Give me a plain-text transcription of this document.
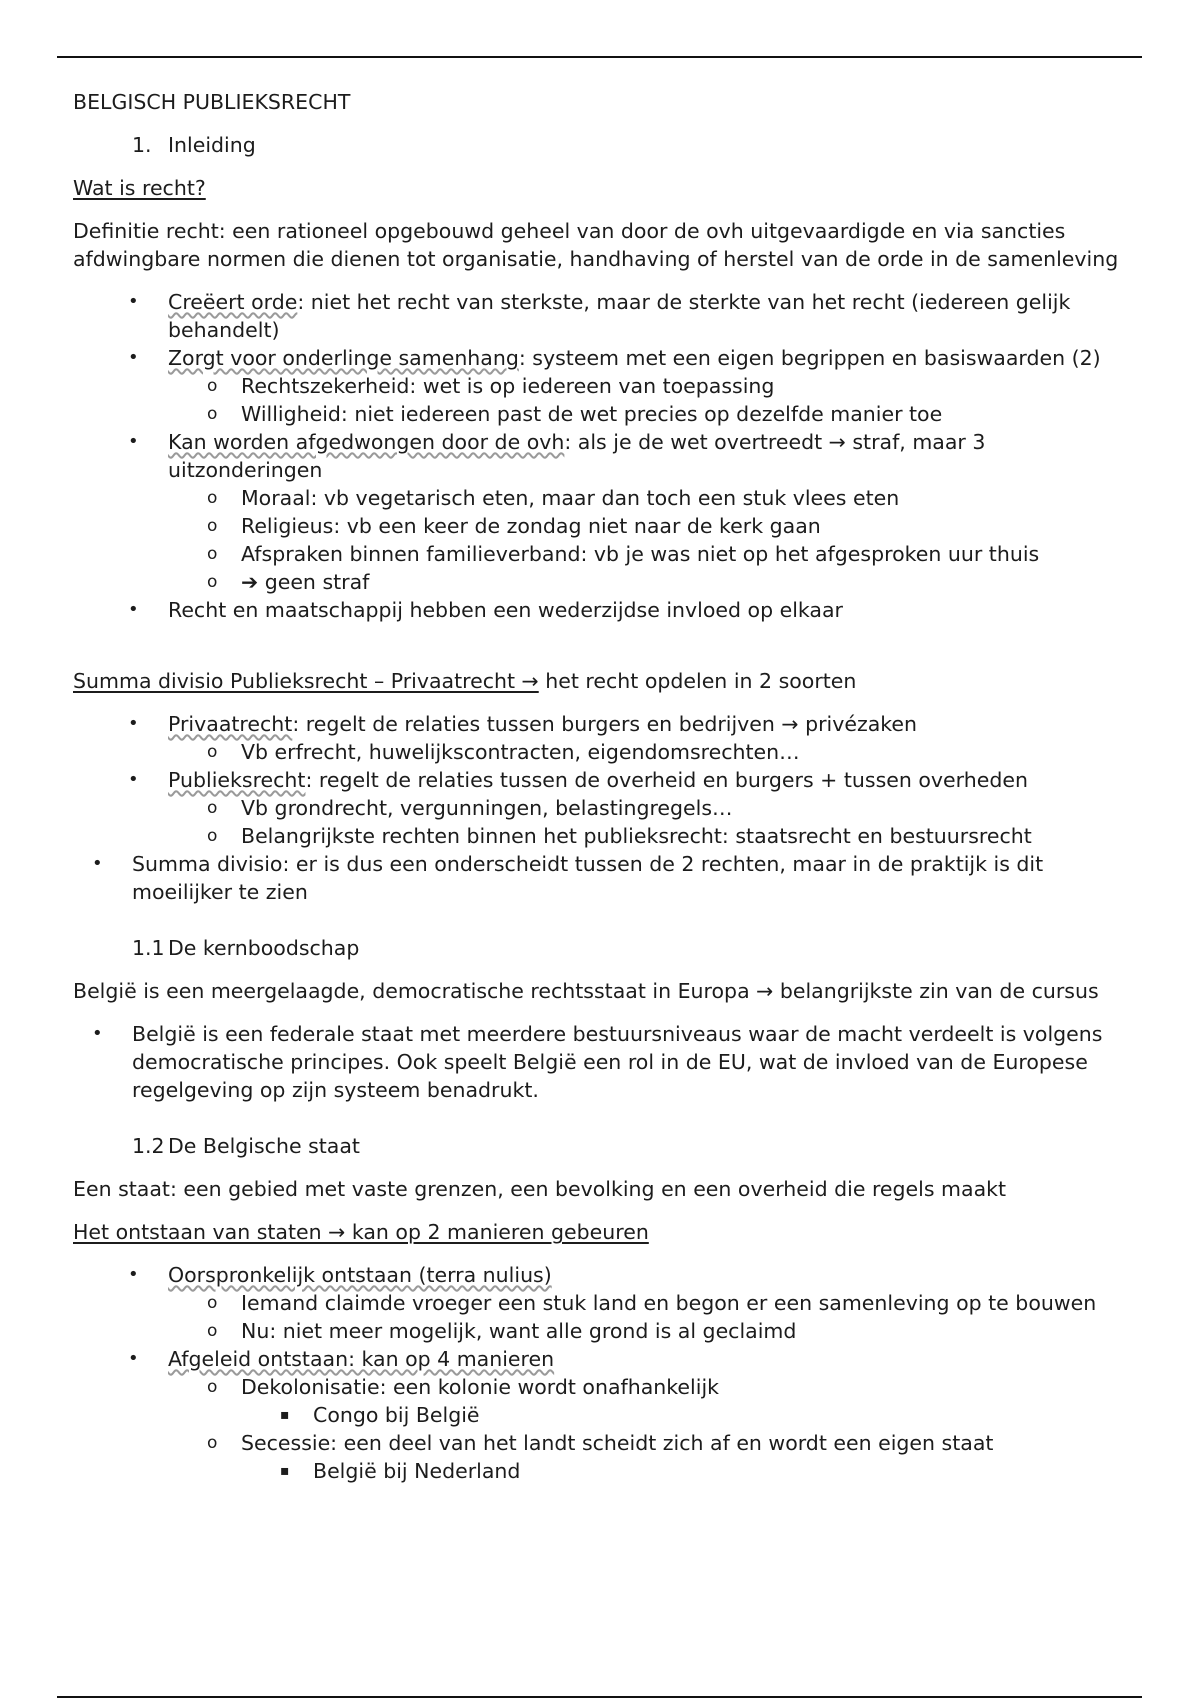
BELGISCH PUBLIEKSRECHT

1. Inleiding

Wat is recht?

Definitie recht: een rationeel opgebouwd geheel van door de ovh uitgevaardigde en via sancties afdwingbare normen die dienen tot organisatie, handhaving of herstel van de orde in de samenleving

• Creëert orde: niet het recht van sterkste, maar de sterkte van het recht (iedereen gelijk behandelt)
• Zorgt voor onderlinge samenhang: systeem met een eigen begrippen en basiswaarden (2)
o Rechtszekerheid: wet is op iedereen van toepassing
o Willigheid: niet iedereen past de wet precies op dezelfde manier toe
• Kan worden afgedwongen door de ovh: als je de wet overtreedt → straf, maar 3 uitzonderingen
o Moraal: vb vegetarisch eten, maar dan toch een stuk vlees eten
o Religieus: vb een keer de zondag niet naar de kerk gaan
o Afspraken binnen familieverband: vb je was niet op het afgesproken uur thuis
o ➔ geen straf
• Recht en maatschappij hebben een wederzijdse invloed op elkaar

Summa divisio Publieksrecht – Privaatrecht → het recht opdelen in 2 soorten

• Privaatrecht: regelt de relaties tussen burgers en bedrijven → privézaken
o Vb erfrecht, huwelijkscontracten, eigendomsrechten…
• Publieksrecht: regelt de relaties tussen de overheid en burgers + tussen overheden
o Vb grondrecht, vergunningen, belastingregels…
o Belangrijkste rechten binnen het publieksrecht: staatsrecht en bestuursrecht
• Summa divisio: er is dus een onderscheidt tussen de 2 rechten, maar in de praktijk is dit moeilijker te zien
1.1 De kernboodschap

België is een meergelaagde, democratische rechtsstaat in Europa → belangrijkste zin van de cursus

• België is een federale staat met meerdere bestuursniveaus waar de macht verdeelt is volgens democratische principes. Ook speelt België een rol in de EU, wat de invloed van de Europese regelgeving op zijn systeem benadrukt.
1.2 De Belgische staat

Een staat: een gebied met vaste grenzen, een bevolking en een overheid die regels maakt

Het ontstaan van staten → kan op 2 manieren gebeuren

• Oorspronkelijk ontstaan (terra nulius)
o Iemand claimde vroeger een stuk land en begon er een samenleving op te bouwen
o Nu: niet meer mogelijk, want alle grond is al geclaimd
• Afgeleid ontstaan: kan op 4 manieren
o Dekolonisatie: een kolonie wordt onafhankelijk
▪ Congo bij België
o Secessie: een deel van het landt scheidt zich af en wordt een eigen staat
▪ België bij Nederland
